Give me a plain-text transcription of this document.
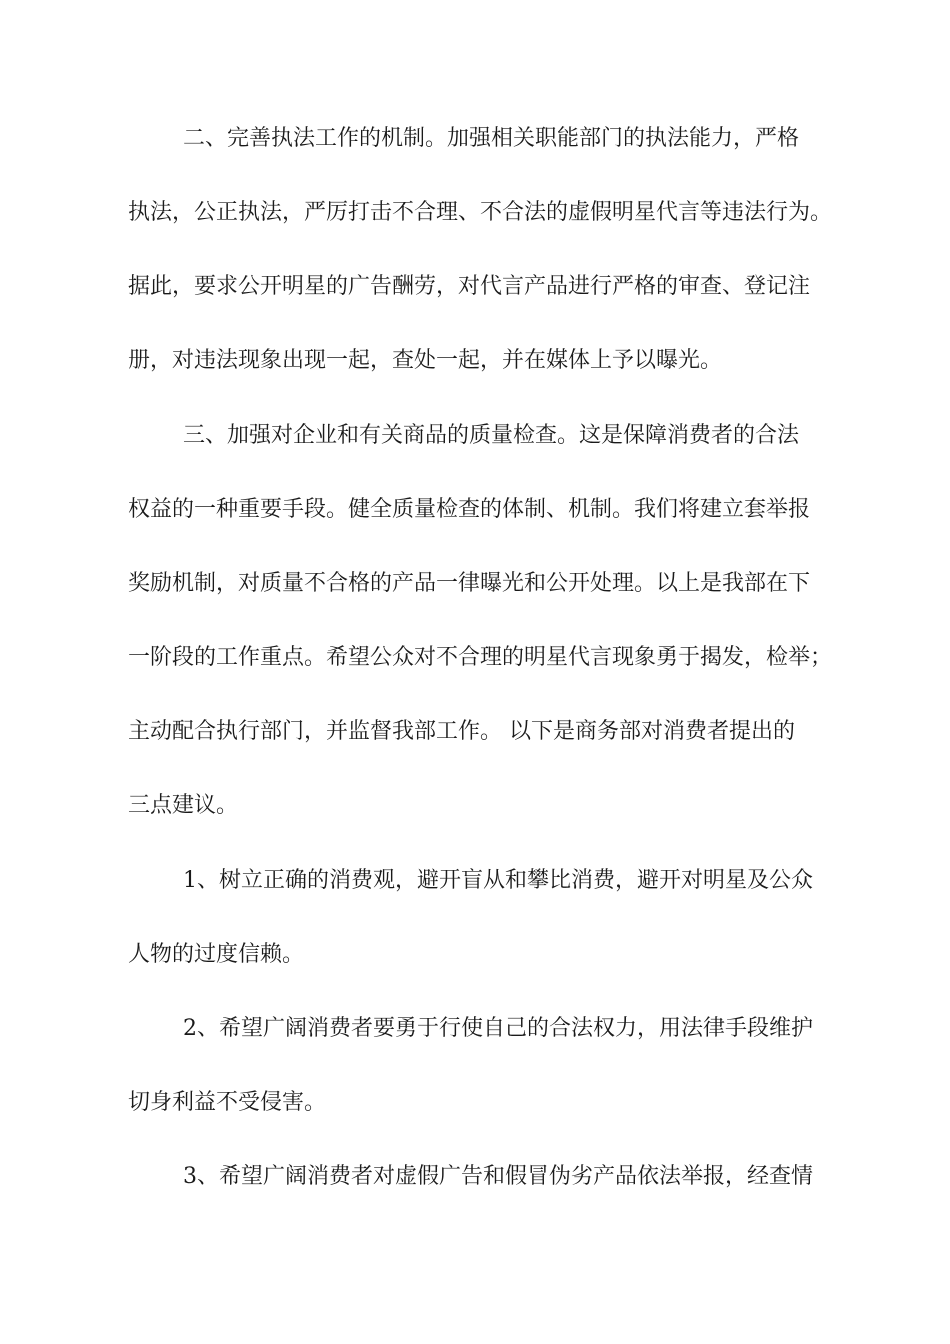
二、完善执法工作的机制。加强相关职能部门的执法能力，严格
执法，公正执法，严厉打击不合理、不合法的虚假明星代言等违法行为。
据此，要求公开明星的广告酬劳，对代言产品进行严格的审查、登记注
册，对违法现象出现一起，查处一起，并在媒体上予以曝光。
三、加强对企业和有关商品的质量检查。这是保障消费者的合法
权益的一种重要手段。健全质量检查的体制、机制。我们将建立套举报
奖励机制，对质量不合格的产品一律曝光和公开处理。以上是我部在下
一阶段的工作重点。希望公众对不合理的明星代言现象勇于揭发，检举；
主动配合执行部门，并监督我部工作。 以下是商务部对消费者提出的
三点建议。
1、树立正确的消费观，避开盲从和攀比消费，避开对明星及公众
人物的过度信赖。
2、希望广阔消费者要勇于行使自己的合法权力，用法律手段维护
切身利益不受侵害。
3、希望广阔消费者对虚假广告和假冒伪劣产品依法举报，经查情
